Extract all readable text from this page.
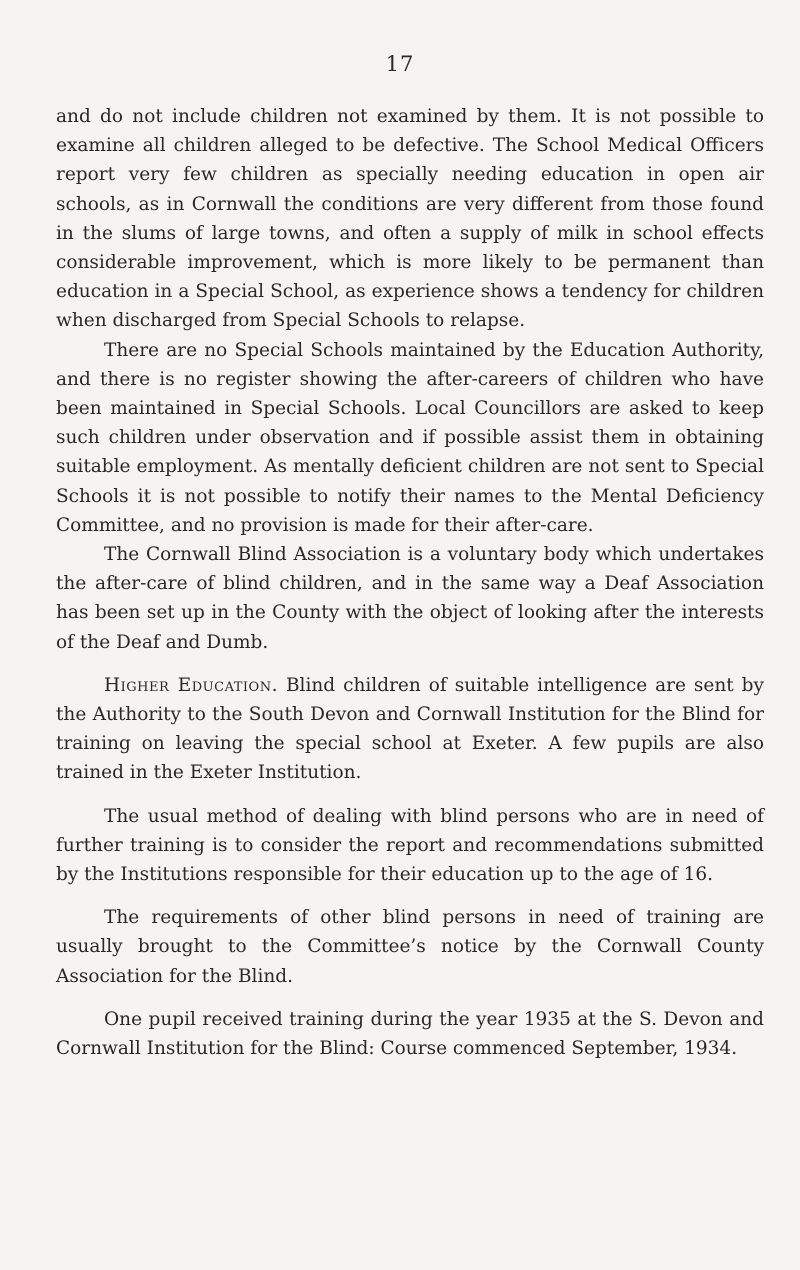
17

and do not include children not examined by them. It is not possible to examine all children alleged to be defective. The School Medical Officers report very few children as specially needing education in open air schools, as in Cornwall the conditions are very different from those found in the slums of large towns, and often a supply of milk in school effects considerable improvement, which is more likely to be permanent than education in a Special School, as experience shows a tendency for children when discharged from Special Schools to relapse.

There are no Special Schools maintained by the Education Authority, and there is no register showing the after-careers of children who have been maintained in Special Schools. Local Councillors are asked to keep such children under observation and if possible assist them in obtaining suitable employment. As mentally deficient children are not sent to Special Schools it is not possible to notify their names to the Mental Deficiency Committee, and no provision is made for their after-care.

The Cornwall Blind Association is a voluntary body which undertakes the after-care of blind children, and in the same way a Deaf Association has been set up in the County with the object of looking after the interests of the Deaf and Dumb.

Higher Education. Blind children of suitable intelligence are sent by the Authority to the South Devon and Cornwall Institution for the Blind for training on leaving the special school at Exeter. A few pupils are also trained in the Exeter Institution.

The usual method of dealing with blind persons who are in need of further training is to consider the report and recommendations submitted by the Institutions responsible for their education up to the age of 16.

The requirements of other blind persons in need of training are usually brought to the Committee’s notice by the Cornwall County Association for the Blind.

One pupil received training during the year 1935 at the S. Devon and Cornwall Institution for the Blind: Course commenced September, 1934.
